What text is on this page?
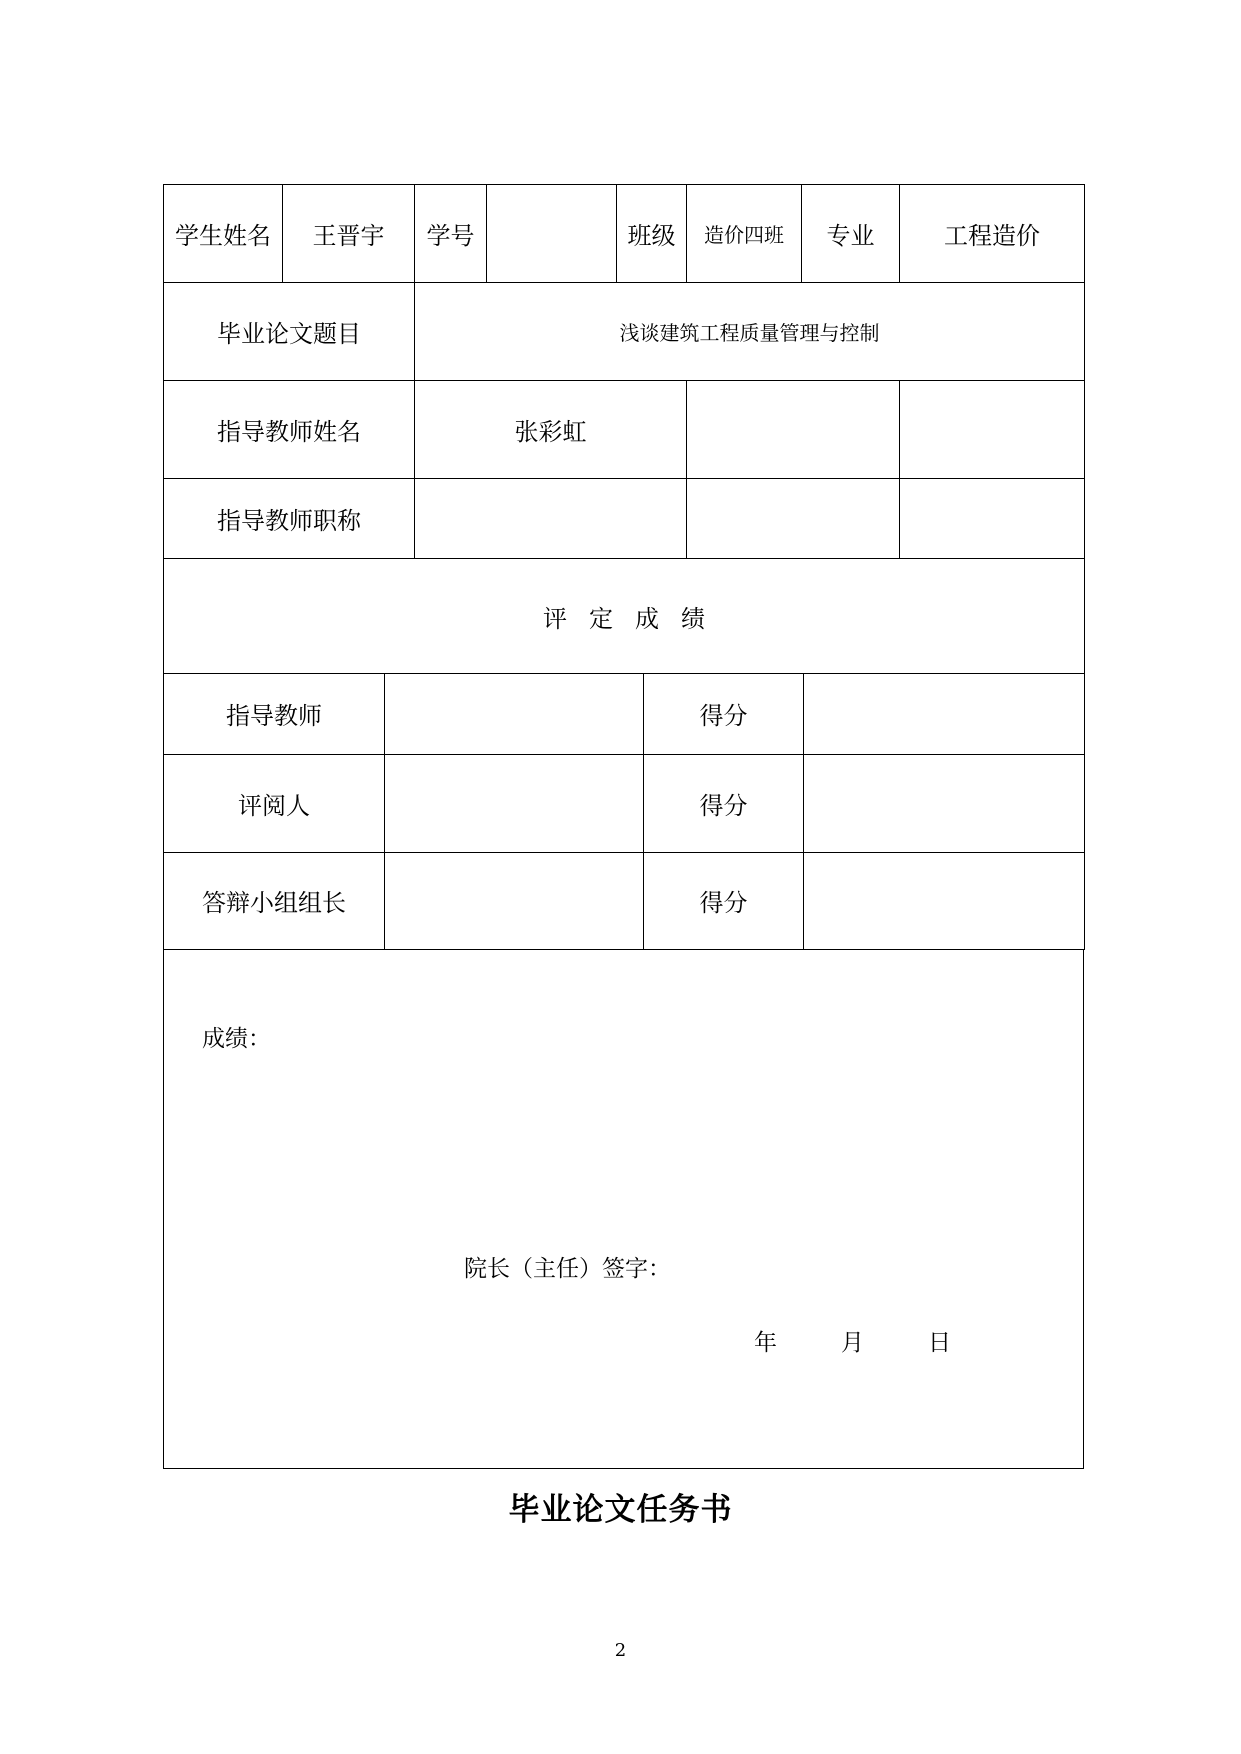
学生姓名	王晋宇	学号		班级	造价四班	专业	工程造价
毕业论文题目		浅谈建筑工程质量管理与控制					
指导教师姓名		张彩虹					
指导教师职称							
评定成绩							
指导教师		得分	
评阅人		得分	
答辩小组组长		得分	
成绩：
院长（主任）签字：
年	月	日
毕业论文任务书
2
